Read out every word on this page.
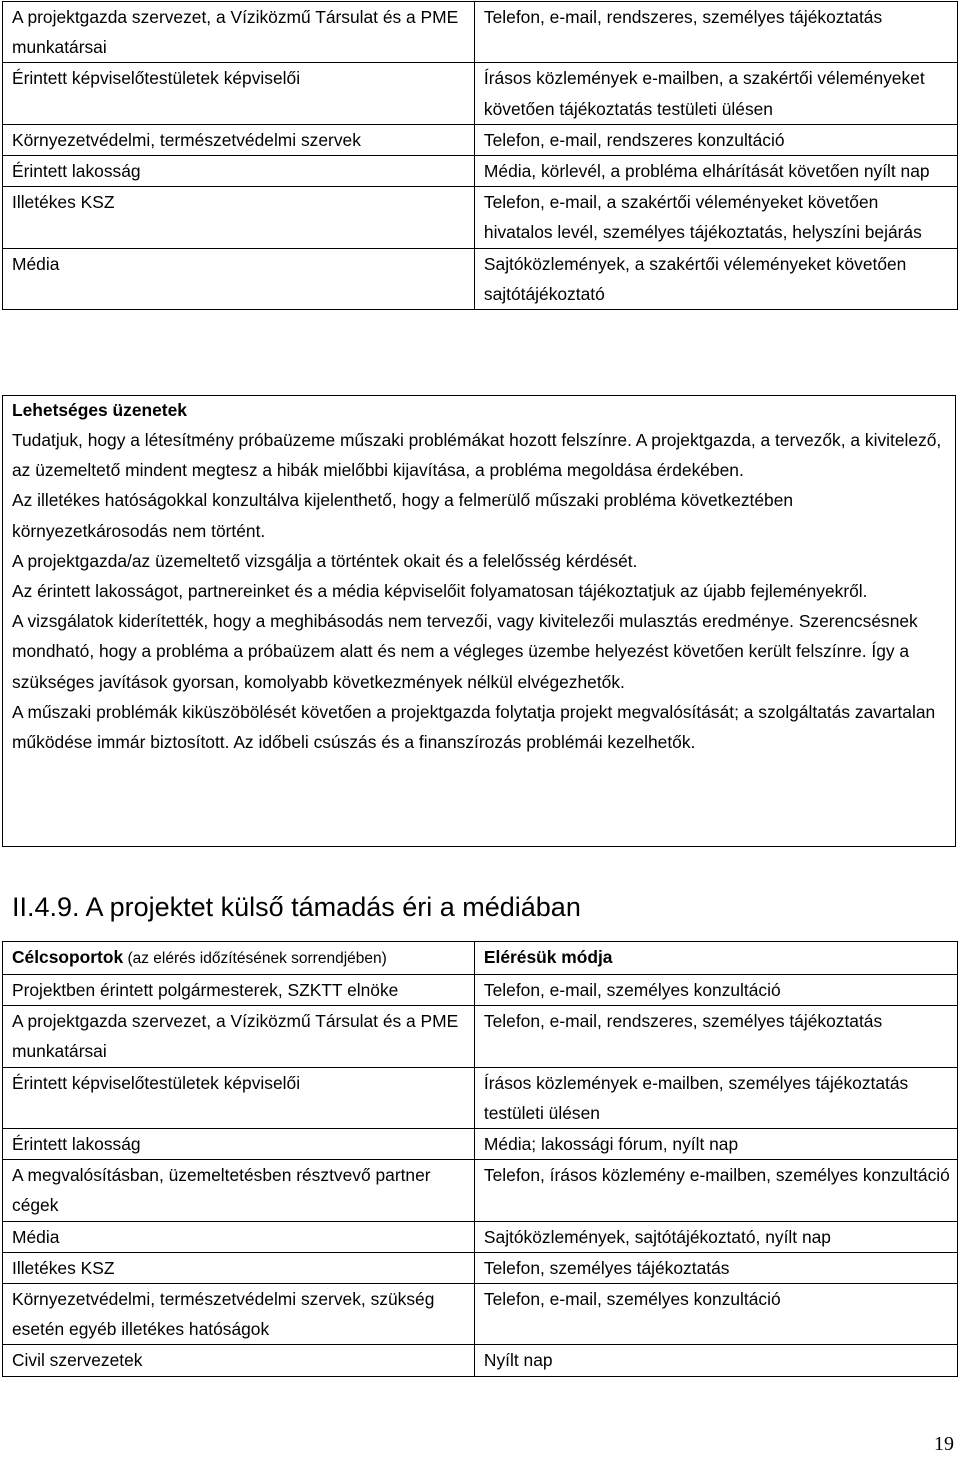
A projektgazda szervezet, a Víziközmű Társulat és a PME munkatársai	Telefon, e-mail, rendszeres, személyes tájékoztatás
Érintett képviselőtestületek képviselői	Írásos közlemények e-mailben, a szakértői véleményeket követően tájékoztatás testületi ülésen
Környezetvédelmi, természetvédelmi szervek	Telefon, e-mail, rendszeres konzultáció
Érintett lakosság	Média, körlevél, a probléma elhárítását követően nyílt nap
Illetékes KSZ	Telefon, e-mail, a szakértői véleményeket követően hivatalos levél, személyes tájékoztatás, helyszíni bejárás
Média	Sajtóközlemények, a szakértői véleményeket követően sajtótájékoztató
Lehetséges üzenetek
Tudatjuk, hogy a létesítmény próbaüzeme műszaki problémákat hozott felszínre. A projektgazda, a tervezők, a kivitelező, az üzemeltető mindent megtesz a hibák mielőbbi kijavítása, a probléma megoldása érdekében.
Az illetékes hatóságokkal konzultálva kijelenthető, hogy a felmerülő műszaki probléma következtében környezetkárosodás nem történt.
A projektgazda/az üzemeltető vizsgálja a történtek okait és a felelősség kérdését.
Az érintett lakosságot, partnereinket és a média képviselőit folyamatosan tájékoztatjuk az újabb fejleményekről.
A vizsgálatok kiderítették, hogy a meghibásodás nem tervezői, vagy kivitelezői mulasztás eredménye. Szerencsésnek mondható, hogy a probléma a próbaüzem alatt és nem a végleges üzembe helyezést követően került felszínre. Így a szükséges javítások gyorsan, komolyabb következmények nélkül elvégezhetők.
A műszaki problémák kiküszöbölését követően a projektgazda folytatja projekt megvalósítását; a szolgáltatás zavartalan működése immár biztosított. Az időbeli csúszás és a finanszírozás problémái kezelhetők.
II.4.9. A projektet külső támadás éri a médiában
Célcsoportok (az elérés időzítésének sorrendjében)	Elérésük módja
Projektben érintett polgármesterek, SZKTT elnöke	Telefon, e-mail, személyes konzultáció
A projektgazda szervezet, a Víziközmű Társulat és a PME munkatársai	Telefon, e-mail, rendszeres, személyes tájékoztatás
Érintett képviselőtestületek képviselői	Írásos közlemények e-mailben, személyes tájékoztatás testületi ülésen
Érintett lakosság	Média; lakossági fórum, nyílt nap
A megvalósításban, üzemeltetésben résztvevő partner cégek	Telefon, írásos közlemény e-mailben, személyes konzultáció
Média	Sajtóközlemények, sajtótájékoztató, nyílt nap
Illetékes KSZ	Telefon, személyes tájékoztatás
Környezetvédelmi, természetvédelmi szervek, szükség esetén egyéb illetékes hatóságok	Telefon, e-mail, személyes konzultáció
Civil szervezetek	Nyílt nap
19
